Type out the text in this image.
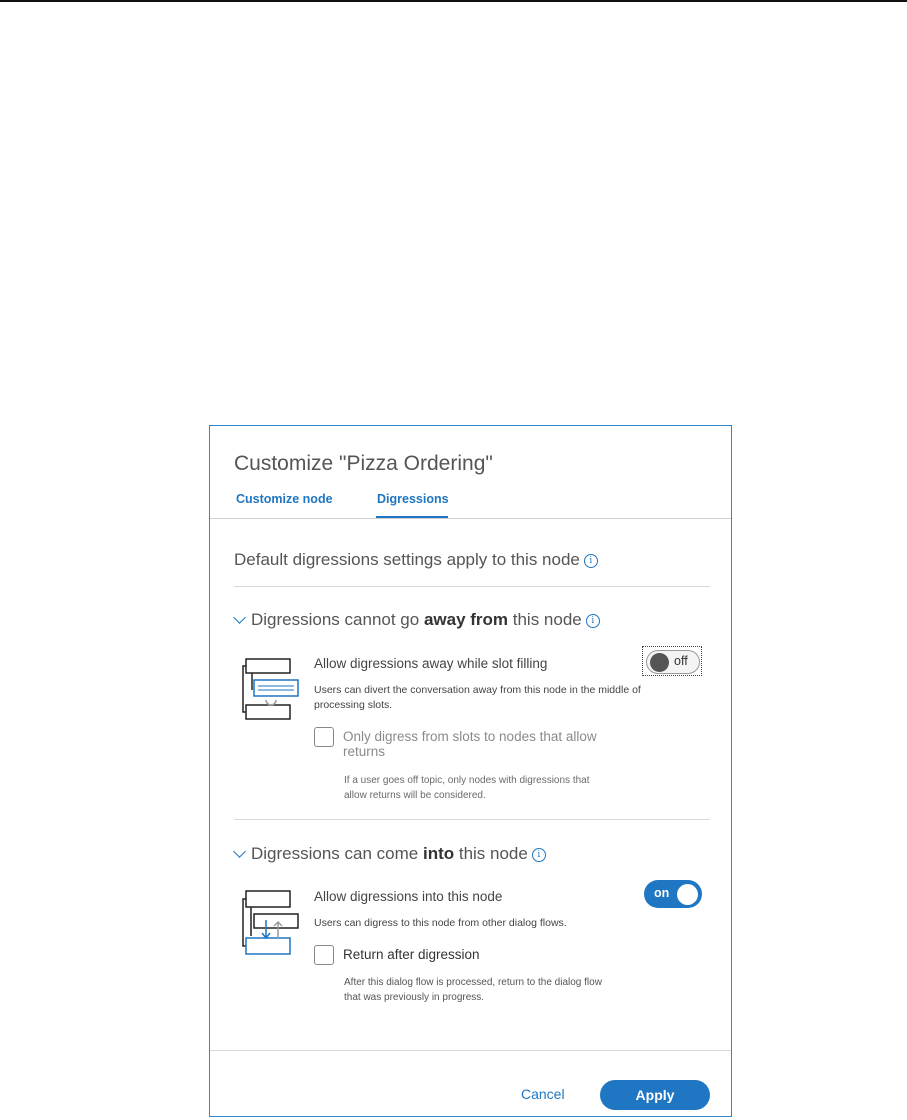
Customize "Pizza Ordering"
Customize node	Digressions
Default digressions settings apply to this node i
Digressions cannot go away from this node i
Allow digressions away while slot filling
Users can divert the conversation away from this node in the middle of processing slots.
off
Only digress from slots to nodes that allow returns
If a user goes off topic, only nodes with digressions that allow returns will be considered.
Digressions can come into this node i
Allow digressions into this node
Users can digress to this node from other dialog flows.
on
Return after digression
After this dialog flow is processed, return to the dialog flow that was previously in progress.
Cancel	Apply
